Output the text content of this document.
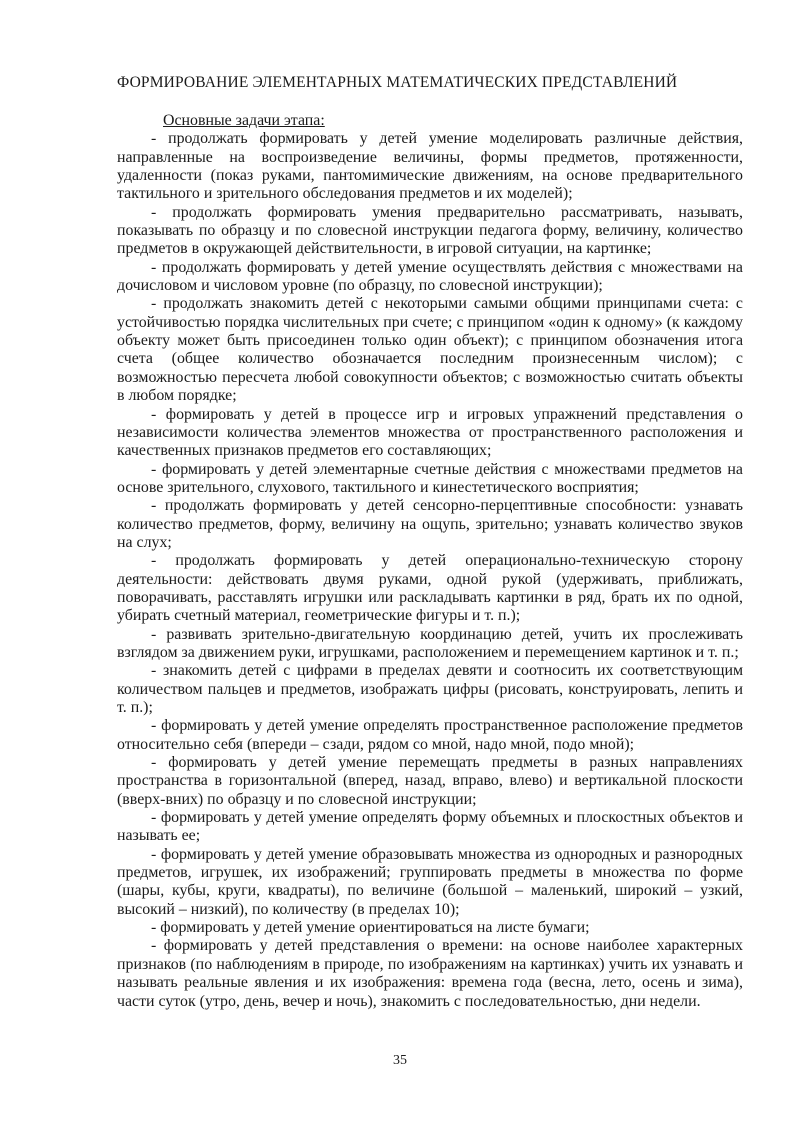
ФОРМИРОВАНИЕ ЭЛЕМЕНТАРНЫХ МАТЕМАТИЧЕСКИХ ПРЕДСТАВЛЕНИЙ

Основные задачи этапа:

- продолжать формировать у детей умение моделировать различные действия, направленные на воспроизведение величины, формы предметов, протяженности, удаленности (показ руками, пантомимические движениям, на основе предварительного тактильного и зрительного обследования предметов и их моделей);

- продолжать формировать умения предварительно рассматривать, называть, показывать по образцу и по словесной инструкции педагога форму, величину, количество предметов в окружающей действительности, в игровой ситуации, на картинке;

- продолжать формировать у детей умение осуществлять действия с множествами на дочисловом и числовом уровне (по образцу, по словесной инструкции);

- продолжать знакомить детей с некоторыми самыми общими принципами счета: с устойчивостью порядка числительных при счете; с принципом «один к одному» (к каждому объекту может быть присоединен только один объект); с принципом обозначения итога счета (общее количество обозначается последним произнесенным числом); с возможностью пересчета любой совокупности объектов; с возможностью считать объекты в любом порядке;

- формировать у детей в процессе игр и игровых упражнений представления о независимости количества элементов множества от пространственного расположения и качественных признаков предметов его составляющих;

- формировать у детей элементарные счетные действия с множествами предметов на основе зрительного, слухового, тактильного и кинестетического восприятия;

- продолжать формировать у детей сенсорно-перцептивные способности: узнавать количество предметов, форму, величину на ощупь, зрительно; узнавать количество звуков на слух;

- продолжать формировать у детей операционально-техническую сторону деятельности: действовать двумя руками, одной рукой (удерживать, приближать, поворачивать, расставлять игрушки или раскладывать картинки в ряд, брать их по одной, убирать счетный материал, геометрические фигуры и т. п.);

- развивать зрительно-двигательную координацию детей, учить их прослеживать взглядом за движением руки, игрушками, расположением и перемещением картинок и т. п.;

- знакомить детей с цифрами в пределах девяти и соотносить их соответствующим количеством пальцев и предметов, изображать цифры (рисовать, конструировать, лепить и т. п.);

- формировать у детей умение определять пространственное расположение предметов относительно себя (впереди – сзади, рядом со мной, надо мной, подо мной);

- формировать у детей умение перемещать предметы в разных направлениях пространства в горизонтальной (вперед, назад, вправо, влево) и вертикальной плоскости (вверх-вних) по образцу и по словесной инструкции;

- формировать у детей умение определять форму объемных и плоскостных объектов и называть ее;

- формировать у детей умение образовывать множества из однородных и разнородных предметов, игрушек, их изображений; группировать предметы в множества по форме (шары, кубы, круги, квадраты), по величине (большой – маленький, широкий – узкий, высокий – низкий), по количеству (в пределах 10);

- формировать у детей умение ориентироваться на листе бумаги;

- формировать у детей представления о времени: на основе наиболее характерных признаков (по наблюдениям в природе, по изображениям на картинках) учить их узнавать и называть реальные явления и их изображения: времена года (весна, лето, осень и зима), части суток (утро, день, вечер и ночь), знакомить с последовательностью, дни недели.

35
